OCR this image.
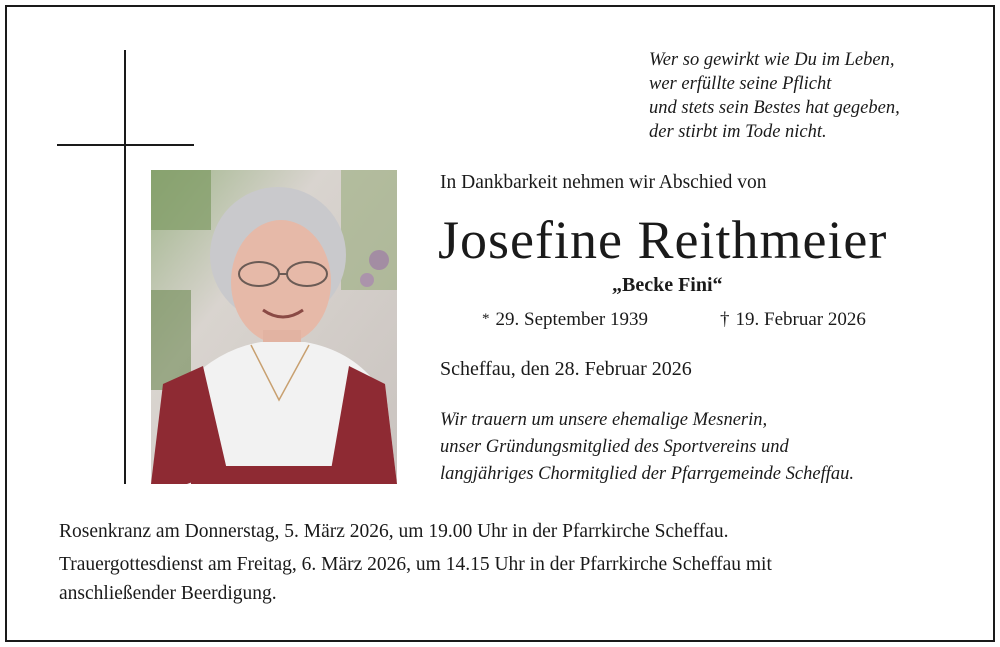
Wer so gewirkt wie Du im Leben,
wer erfüllte seine Pflicht
und stets sein Bestes hat gegeben,
der stirbt im Tode nicht.
In Dankbarkeit nehmen wir Abschied von
Josefine Reithmeier
„Becke Fini“
* 29. September 1939	† 19. Februar 2026
Scheffau, den 28. Februar 2026
Wir trauern um unsere ehemalige Mesnerin,
unser Gründungsmitglied des Sportvereins und
langjähriges Chormitglied der Pfarrgemeinde Scheffau.
Rosenkranz am Donnerstag, 5. März 2026, um 19.00 Uhr in der Pfarrkirche Scheffau.
Trauergottesdienst am Freitag, 6. März 2026, um 14.15 Uhr in der Pfarrkirche Scheffau mit
anschließender Beerdigung.
